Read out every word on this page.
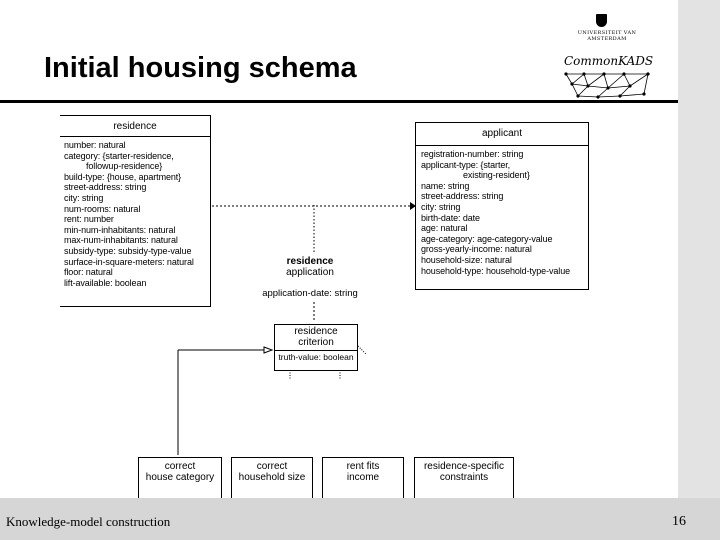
Initial housing schema
UNIVERSITEIT VAN AMSTERDAM
CommonKADS
residence
number: natural
category: {starter-residence,
followup-residence}
build-type: {house, apartment}
street-address: string
city: string
num-rooms: natural
rent: number
min-num-inhabitants: natural
max-num-inhabitants: natural
subsidy-type: subsidy-type-value
surface-in-square-meters: natural
floor: natural
lift-available: boolean
applicant
registration-number: string
applicant-type: {starter,
existing-resident}
name: string
street-address: string
city: string
birth-date: date
age: natural
age-category: age-category-value
gross-yearly-income: natural
household-size: natural
household-type: household-type-value
residence
application
application-date: string
residence
criterion
truth-value: boolean
correct
house category
correct
household size
rent fits
income
residence-specific
constraints
Knowledge-model construction	16
